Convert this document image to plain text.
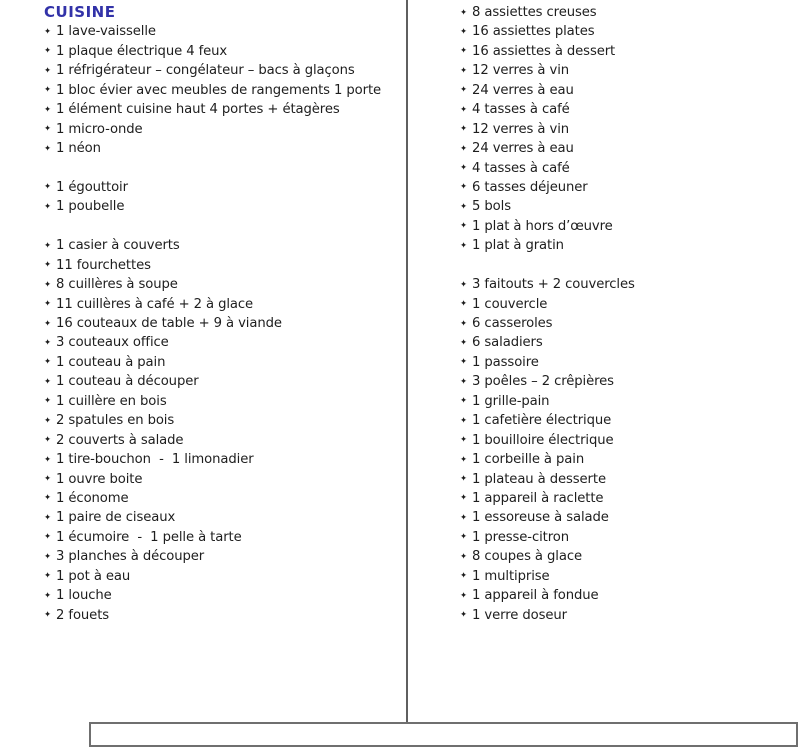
CUISINE
✦ 1 lave-vaisselle
✦ 1 plaque électrique 4 feux
✦ 1 réfrigérateur – congélateur – bacs à glaçons
✦ 1 bloc évier avec meubles de rangements 1 porte
✦ 1 élément cuisine haut 4 portes + étagères
✦ 1 micro-onde
✦ 1 néon

✦ 1 égouttoir
✦ 1 poubelle

✦ 1 casier à couverts
✦ 11 fourchettes
✦ 8 cuillères à soupe
✦ 11 cuillères à café + 2 à glace
✦ 16 couteaux de table + 9 à viande
✦ 3 couteaux office
✦ 1 couteau à pain
✦ 1 couteau à découper
✦ 1 cuillère en bois
✦ 2 spatules en bois
✦ 2 couverts à salade
✦ 1 tire-bouchon  -  1 limonadier
✦ 1 ouvre boite
✦ 1 économe
✦ 1 paire de ciseaux
✦ 1 écumoire  -  1 pelle à tarte
✦ 3 planches à découper
✦ 1 pot à eau
✦ 1 louche
✦ 2 fouets
✦ 8 assiettes creuses
✦ 16 assiettes plates
✦ 16 assiettes à dessert
✦ 12 verres à vin
✦ 24 verres à eau
✦ 4 tasses à café
✦ 12 verres à vin
✦ 24 verres à eau
✦ 4 tasses à café
✦ 6 tasses déjeuner
✦ 5 bols
✦ 1 plat à hors d’œuvre
✦ 1 plat à gratin

✦ 3 faitouts + 2 couvercles
✦ 1 couvercle
✦ 6 casseroles
✦ 6 saladiers
✦ 1 passoire
✦ 3 poêles – 2 crêpières
✦ 1 grille-pain
✦ 1 cafetière électrique
✦ 1 bouilloire électrique
✦ 1 corbeille à pain
✦ 1 plateau à desserte
✦ 1 appareil à raclette
✦ 1 essoreuse à salade
✦ 1 presse-citron
✦ 8 coupes à glace
✦ 1 multiprise
✦ 1 appareil à fondue
✦ 1 verre doseur
